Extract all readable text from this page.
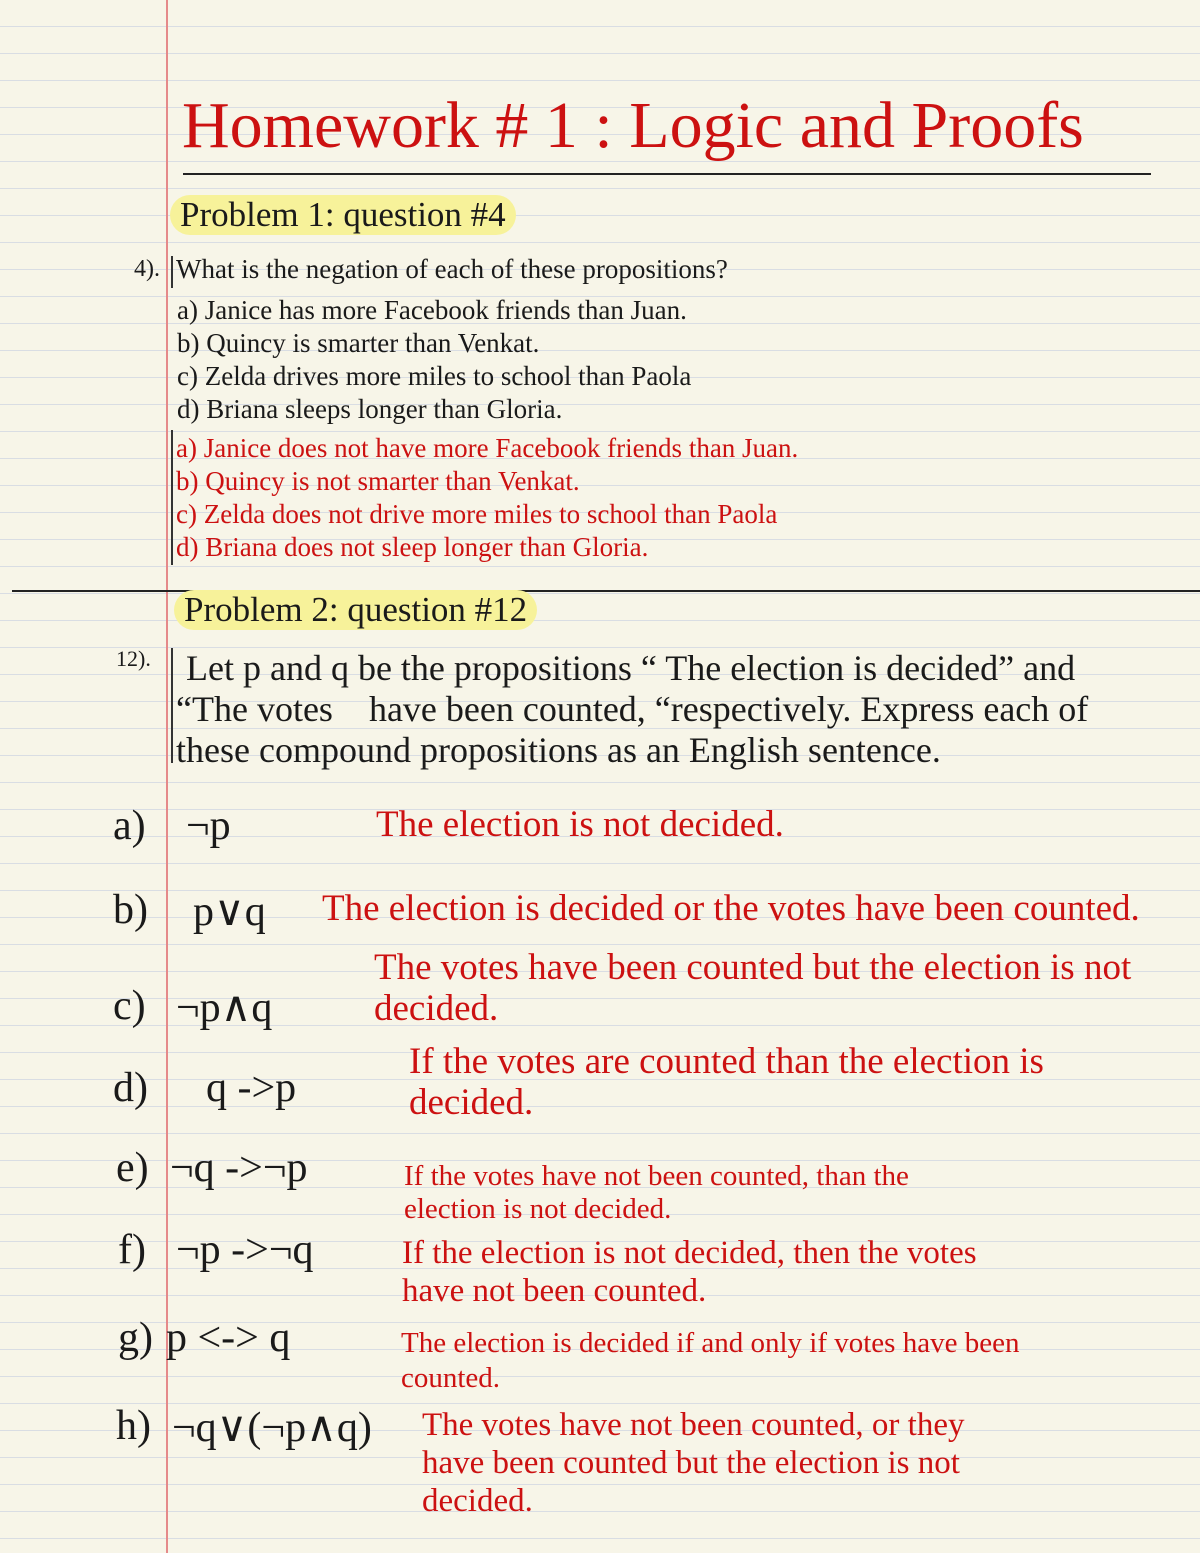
Homework # 1 : Logic and Proofs
Problem 1: question #4
4). What is the negation of each of these propositions?
a) Janice has more Facebook friends than Juan.
b) Quincy is smarter than Venkat.
c) Zelda drives more miles to school than Paola
d) Briana sleeps longer than Gloria.
a) Janice does not have more Facebook friends than Juan.
b) Quincy is not smarter than Venkat.
c) Zelda does not drive more miles to school than Paola
d) Briana does not sleep longer than Gloria.
Problem 2: question #12
12). Let p and q be the propositions “ The election is decided” and
“The votes    have been counted, “respectively. Express each of
these compound propositions as an English sentence.
a) ¬p	The election is not decided.
b) p∨q The election is decided or the votes have been counted.
c) ¬p∧q
The votes have been counted but the election is not
decided.
d) q ->p
If the votes are counted than the election is
decided.
e) ¬q ->¬p	If the votes have not been counted, than the
election is not decided.
f) ¬p ->¬q	If the election is not decided, then the votes
have not been counted.
g) p <-> q	The election is decided if and only if votes have been
counted.
h) ¬q∨(¬p∧q) The votes have not been counted, or they
have been counted but the election is not
decided.
